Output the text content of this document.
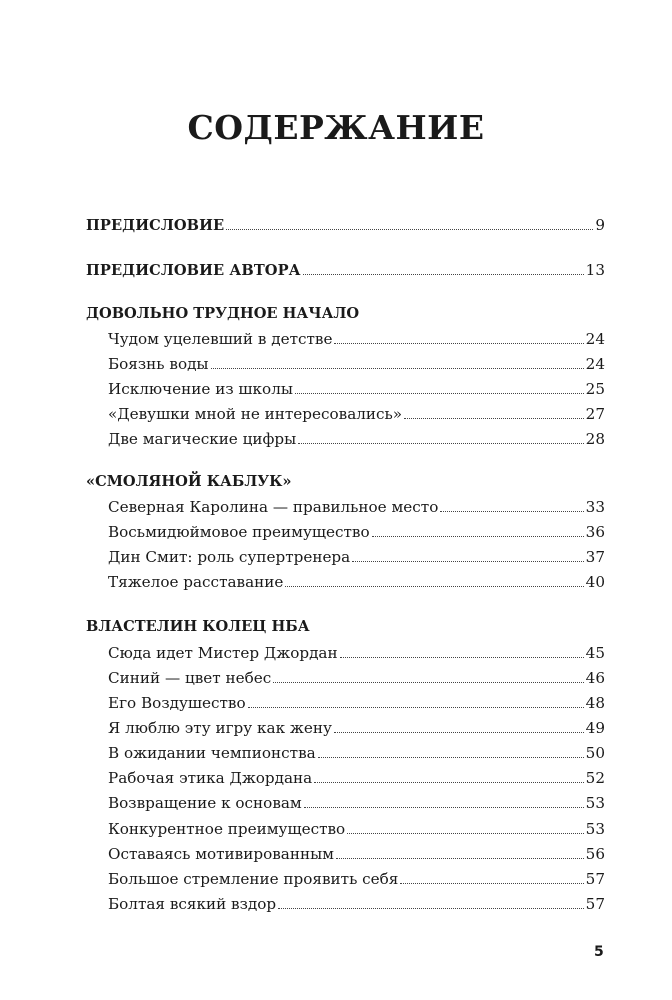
СОДЕРЖАНИЕ
ПРЕДИСЛОВИЕ	9
ПРЕДИСЛОВИЕ АВТОРА	13
ДОВОЛЬНО ТРУДНОЕ НАЧАЛО
Чудом уцелевший в детстве	24
Боязнь воды	24
Исключение из школы	25
«Девушки мной не интересовались»	27
Две магические цифры	28
«СМОЛЯНОЙ КАБЛУК»
Северная Каролина — правильное место	33
Восьмидюймовое преимущество	36
Дин Смит: роль супертренера	37
Тяжелое расставание	40
ВЛАСТЕЛИН КОЛЕЦ НБА
Сюда идет Мистер Джордан	45
Синий — цвет небес	46
Его Воздушество	48
Я люблю эту игру как жену	49
В ожидании чемпионства	50
Рабочая этика Джордана	52
Возвращение к основам	53
Конкурентное преимущество	53
Оставаясь мотивированным	56
Большое стремление проявить себя	57
Болтая всякий вздор	57
5
